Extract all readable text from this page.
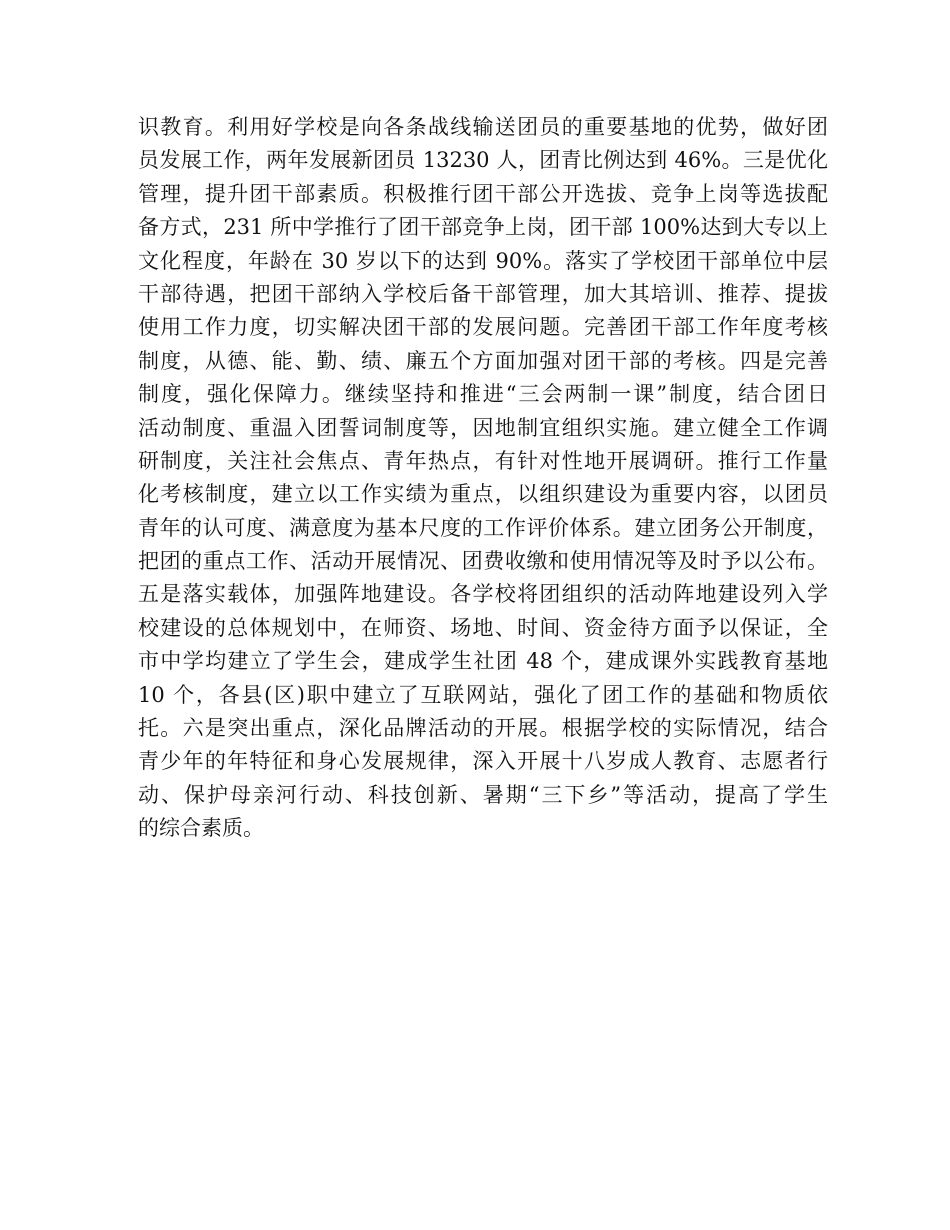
识教育。利用好学校是向各条战线输送团员的重要基地的优势，做好团
员发展工作，两年发展新团员 13230 人，团青比例达到 46%。三是优化
管理，提升团干部素质。积极推行团干部公开选拔、竞争上岗等选拔配
备方式，231 所中学推行了团干部竞争上岗，团干部 100%达到大专以上
文化程度，年龄在 30 岁以下的达到 90%。落实了学校团干部单位中层
干部待遇，把团干部纳入学校后备干部管理，加大其培训、推荐、提拔
使用工作力度，切实解决团干部的发展问题。完善团干部工作年度考核
制度，从德、能、勤、绩、廉五个方面加强对团干部的考核。四是完善
制度，强化保障力。继续坚持和推进“三会两制一课”制度，结合团日
活动制度、重温入团誓词制度等，因地制宜组织实施。建立健全工作调
研制度，关注社会焦点、青年热点，有针对性地开展调研。推行工作量
化考核制度，建立以工作实绩为重点，以组织建设为重要内容，以团员
青年的认可度、满意度为基本尺度的工作评价体系。建立团务公开制度，
把团的重点工作、活动开展情况、团费收缴和使用情况等及时予以公布。
五是落实载体，加强阵地建设。各学校将团组织的活动阵地建设列入学
校建设的总体规划中，在师资、场地、时间、资金待方面予以保证，全
市中学均建立了学生会，建成学生社团 48 个，建成课外实践教育基地
10 个，各县(区)职中建立了互联网站，强化了团工作的基础和物质依
托。六是突出重点，深化品牌活动的开展。根据学校的实际情况，结合
青少年的年特征和身心发展规律，深入开展十八岁成人教育、志愿者行
动、保护母亲河行动、科技创新、暑期“三下乡”等活动，提高了学生
的综合素质。
